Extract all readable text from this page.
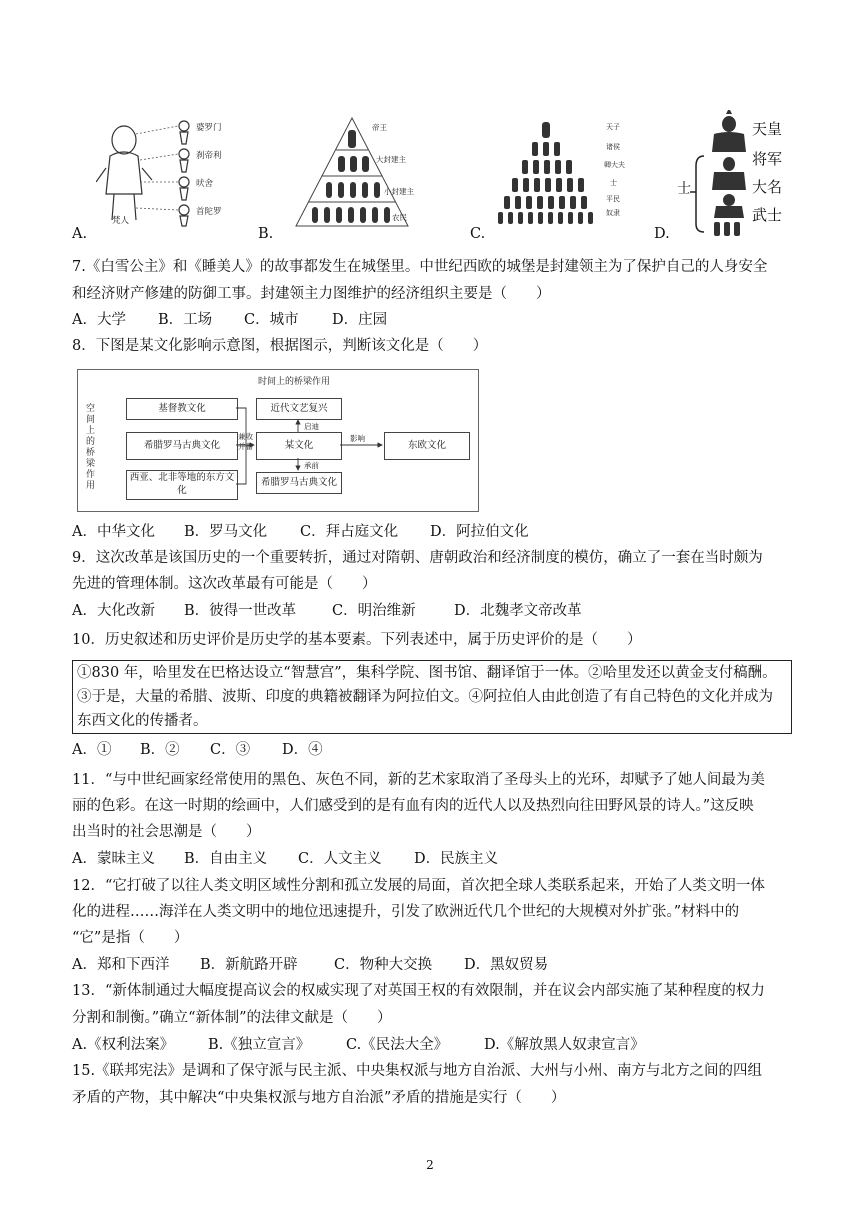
婆罗门
刹帝利
吠舍
首陀罗
梵人
帝王
大封建主
小封建主
农民
天子
诸侯
卿大夫
士
平民
奴隶
士
天皇
将军
大名
武士
A.	B.	C.	D.
7.《白雪公主》和《睡美人》的故事都发生在城堡里。中世纪西欧的城堡是封建领主为了保护自己的人身安全
和经济财产修建的防御工事。封建领主力图维护的经济组织主要是（　　）
A．大学 B．工场 C．城市 D．庄园
8．下图是某文化影响示意图，根据图示，判断该文化是（　　）
时间上的桥梁作用
空间上的桥梁作用
基督教文化
希腊罗马古典文化
西亚、北非等地的东方文化
近代文艺复兴
某文化
希腊罗马古典文化
东欧文化
兼收并蓄
启迪
承前
影响
A．中华文化 B．罗马文化 C．拜占庭文化 D．阿拉伯文化
9．这次改革是该国历史的一个重要转折，通过对隋朝、唐朝政治和经济制度的模仿，确立了一套在当时颇为
先进的管理体制。这次改革最有可能是（　　）
A．大化改新 B．彼得一世改革 C．明治维新	D．北魏孝文帝改革
10．历史叙述和历史评价是历史学的基本要素。下列表述中，属于历史评价的是（　　）
①830 年，哈里发在巴格达设立“智慧宫”，集科学院、图书馆、翻译馆于一体。②哈里发还以黄金支付稿酬。
③于是，大量的希腊、波斯、印度的典籍被翻译为阿拉伯文。④阿拉伯人由此创造了有自己特色的文化并成为
东西文化的传播者。
A．① B．② C．③ D．④
11．“与中世纪画家经常使用的黑色、灰色不同，新的艺术家取消了圣母头上的光环，却赋予了她人间最为美
丽的色彩。在这一时期的绘画中，人们感受到的是有血有肉的近代人以及热烈向往田野风景的诗人。”这反映
出当时的社会思潮是（　　）
A．蒙昧主义 B．自由主义 C．人文主义 D．民族主义
12．“它打破了以往人类文明区域性分割和孤立发展的局面，首次把全球人类联系起来，开始了人类文明一体
化的进程……海洋在人类文明中的地位迅速提升，引发了欧洲近代几个世纪的大规模对外扩张。”材料中的
“它”是指（　　）
A．郑和下西洋 B．新航路开辟	C．物种大交换 D．黑奴贸易
13．“新体制通过大幅度提高议会的权威实现了对英国王权的有效限制，并在议会内部实施了某种程度的权力
分割和制衡。”确立“新体制”的法律文献是（　　）
A.《权利法案》 B.《独立宣言》 C.《民法大全》 D.《解放黑人奴隶宣言》
15.《联邦宪法》是调和了保守派与民主派、中央集权派与地方自治派、大州与小州、南方与北方之间的四组
矛盾的产物，其中解决“中央集权派与地方自治派”矛盾的措施是实行（　　）
2
